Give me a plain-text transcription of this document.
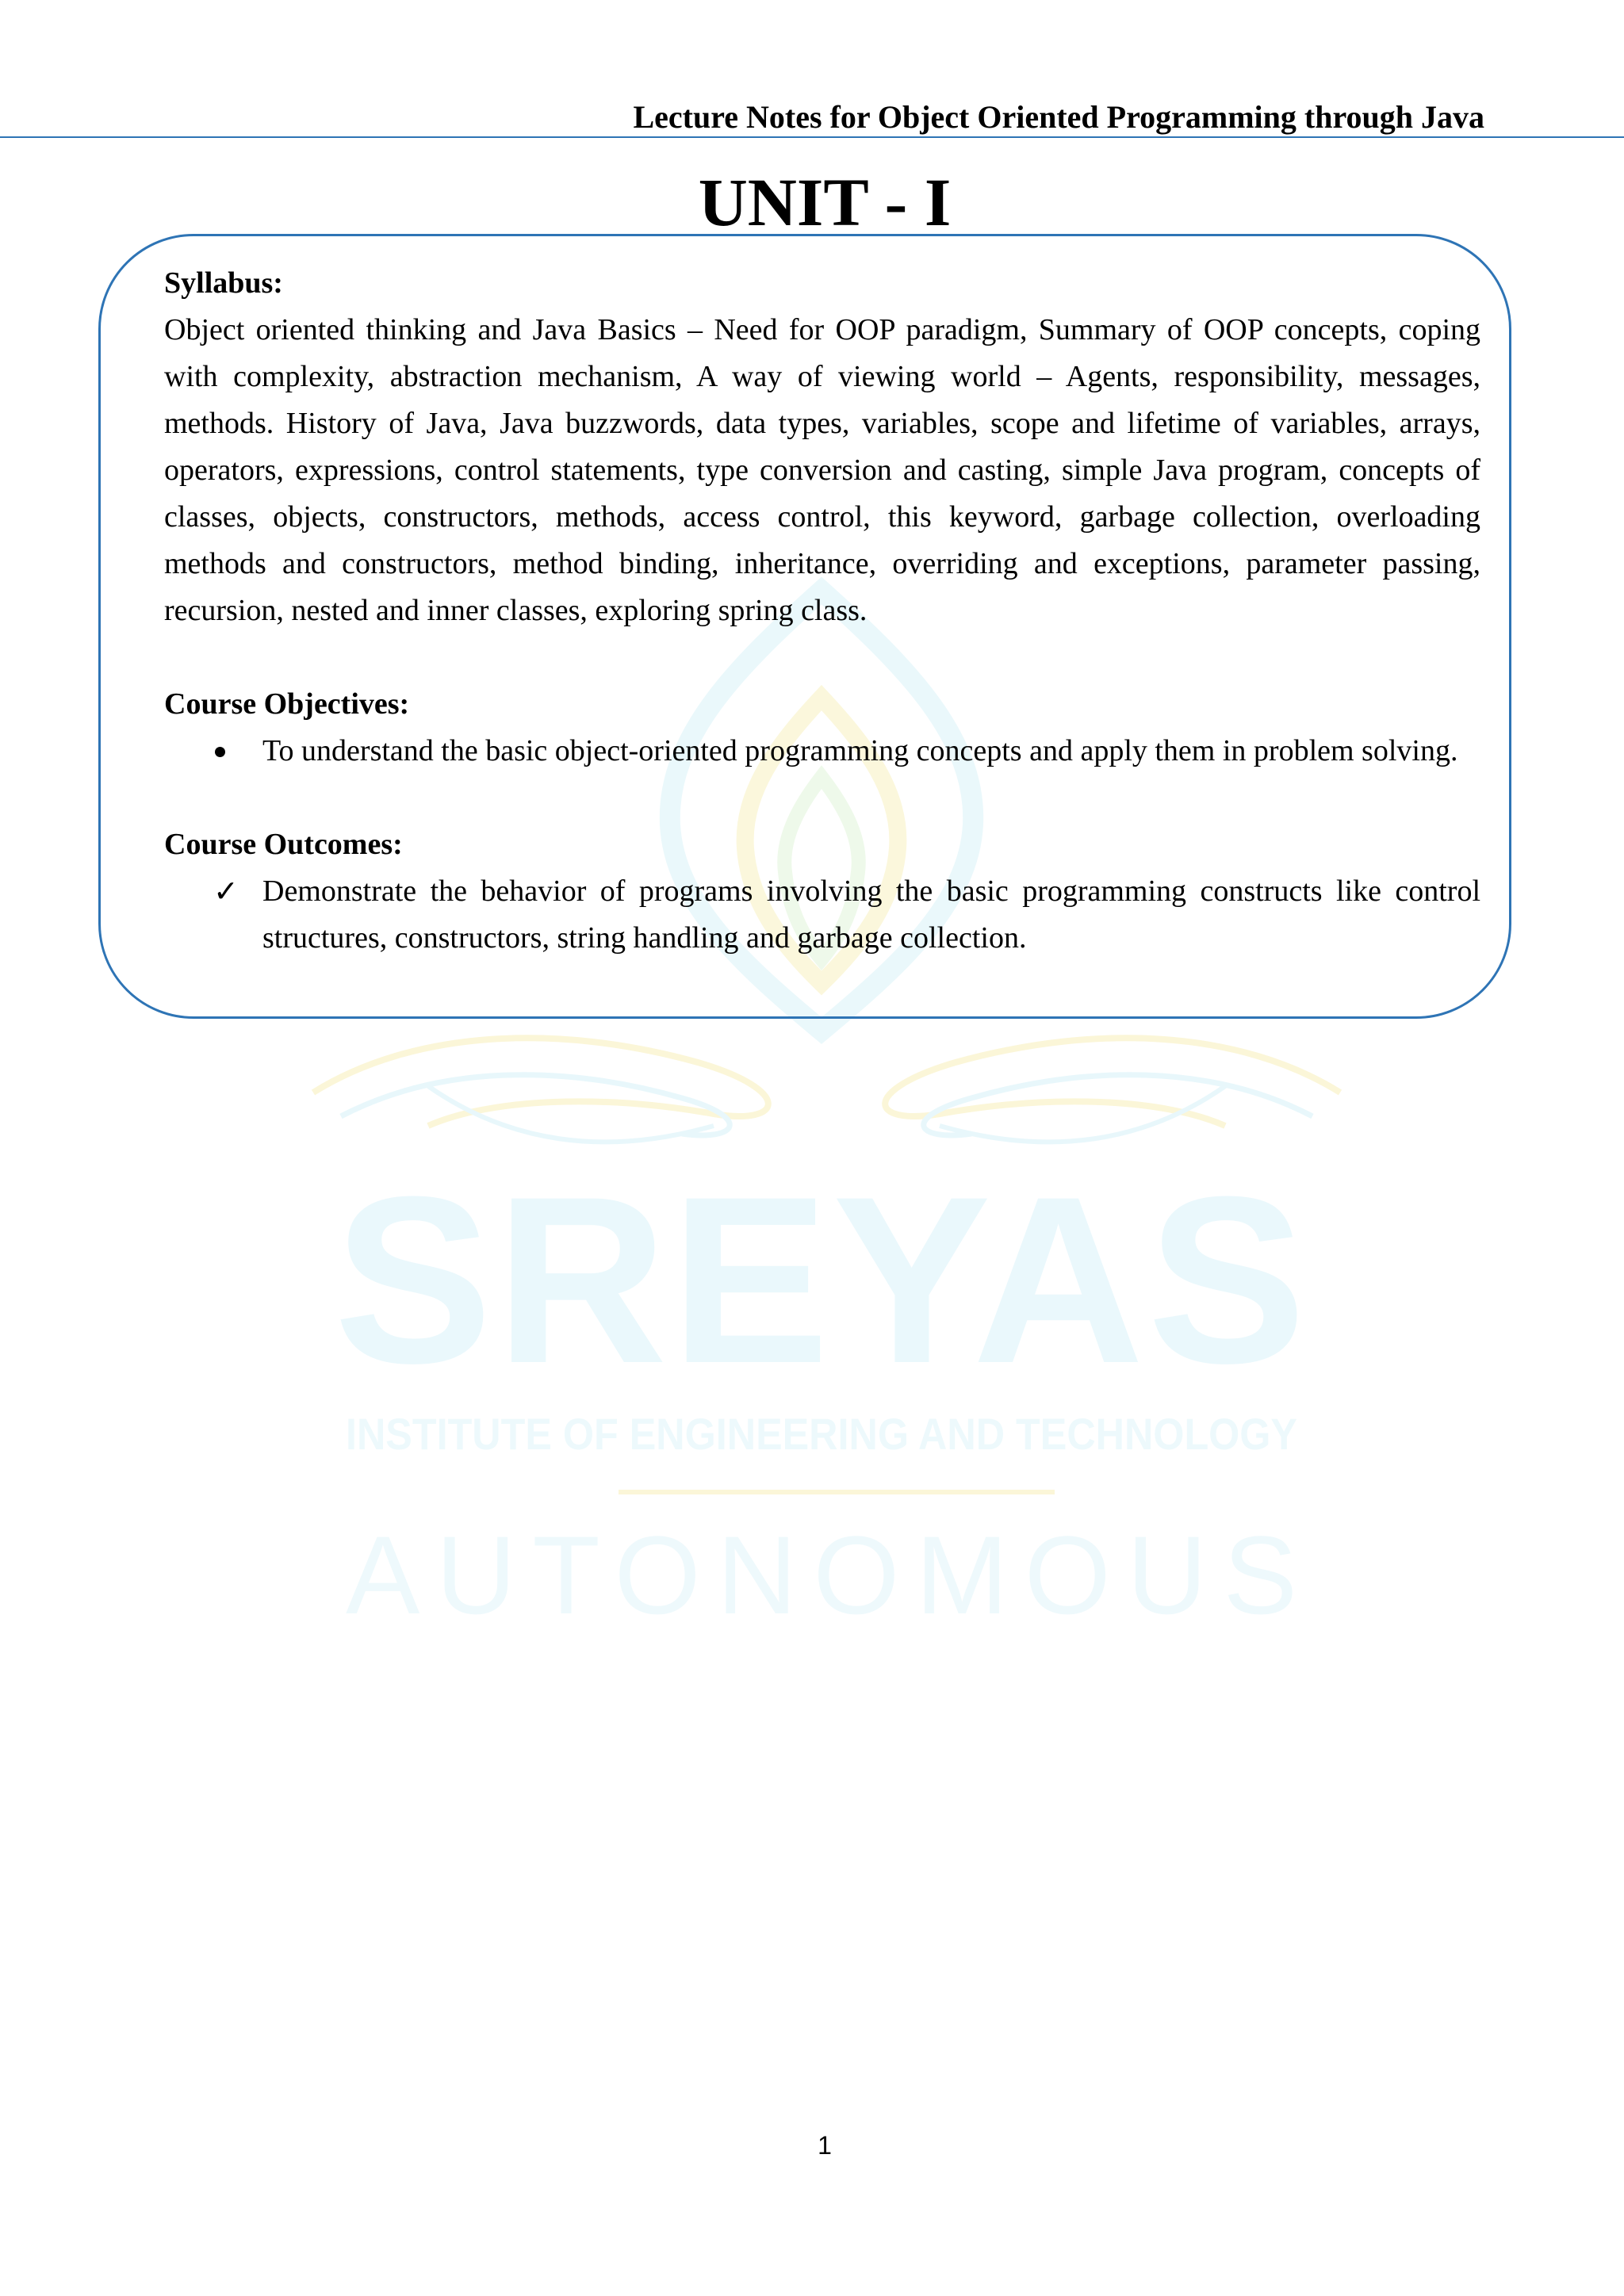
SREYAS
INSTITUTE OF ENGINEERING AND TECHNOLOGY
AUTONOMOUS
Lecture Notes for Object Oriented Programming through Java
UNIT - I

Syllabus:

Object oriented thinking and Java Basics – Need for OOP paradigm, Summary of OOP concepts, coping with complexity, abstraction mechanism, A way of viewing world – Agents, responsibility, messages, methods. History of Java, Java buzzwords, data types, variables, scope and lifetime of variables, arrays, operators, expressions, control statements, type conversion and casting, simple Java program, concepts of classes, objects, constructors, methods, access control, this keyword, garbage collection, overloading methods and constructors, method binding, inheritance, overriding and exceptions, parameter passing, recursion, nested and inner classes, exploring spring class.

Course Objectives:

To understand the basic object-oriented programming concepts and apply them in problem solving.

Course Outcomes:

✓ Demonstrate the behavior of programs involving the basic programming constructs like control structures, constructors, string handling and garbage collection.
1
